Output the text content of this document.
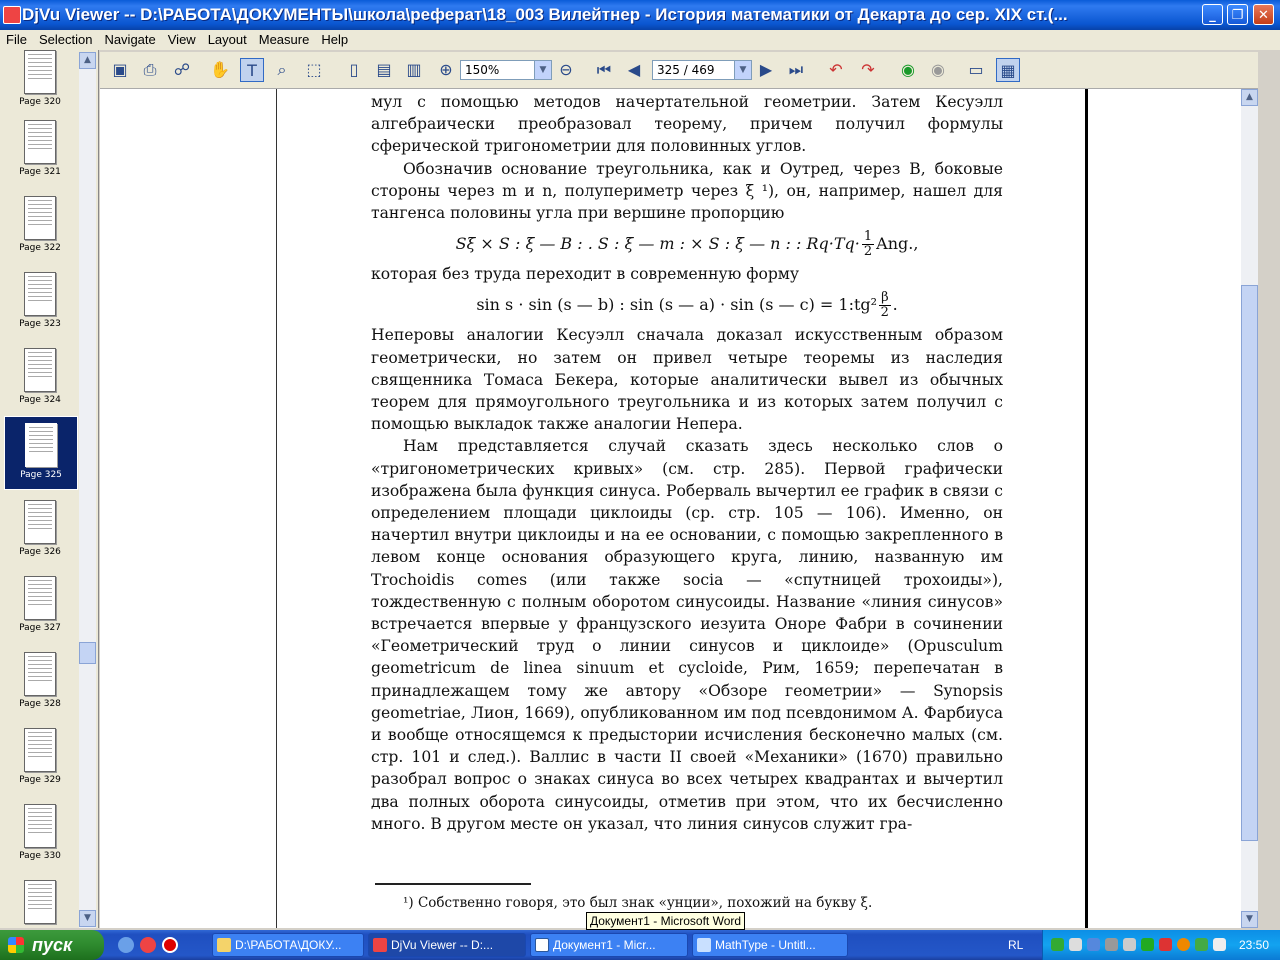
DjVu Viewer -- D:\РАБОТА\ДОКУМЕНТЫ\школа\реферат\18_003 Вилейтнер - История математики от Декарта до сер. XIX ст.(...	_	❐	✕
File Selection Navigate View Layout Measure Help
Page 320
Page 321
Page 322
Page 323
Page 324
Page 325
Page 326
Page 327
Page 328
Page 329
Page 330
▲
▼
▣	⎙	☍ ✋	T	⌕	⬚	▯	▤ ▥	⊕	150%	▼ ⊖	⏮	◀	325 / 469	▼ ▶	⏭	↶	↷	◉	◉	▭ ▦

мул с помощью методов начертательной геометрии. Затем Кесуэлл алгебраически преобразовал теорему, причем получил формулы сферической тригонометрии для половинных углов.

Обозначив основание треугольника, как и Оутред, через B, боковые стороны через m и n, полупериметр через ξ ¹), он, например, нашел для тангенса половины угла при вершине пропорцию

Sξ ⨯ S : ξ — B : . S : ξ — m : ⨯ S : ξ — n : : $Rq\cdot Tq\cdot \frac{1}{2}$ Ang.,

которая без труда переходит в современную форму

sin s · sin (s — b) : sin (s — a) · sin (s — c) = 1:tg² $\frac{\beta}{2}$ .

Неперовы аналогии Кесуэлл сначала доказал искусственным образом геометрически, но затем он привел четыре теоремы из наследия священника Томаса Бекера, которые аналитически вывел из обычных теорем для прямоугольного треугольника и из которых затем получил с помощью выкладок также аналогии Непера.

Нам представляется случай сказать здесь несколько слов о «тригонометрических кривых» (см. стр. 285). Первой графически изображена была функция синуса. Роберваль вычертил ее график в связи с определением площади циклоиды (ср. стр. 105 — 106). Именно, он начертил внутри циклоиды и на ее основании, с помощью закрепленного в левом конце основания образующего круга, линию, названную им Trochoidis comes (или также socia — «спутницей трохоиды»), тождественную с полным оборотом синусоиды. Название «линия синусов» встречается впервые у французского иезуита Оноре Фабри в сочинении «Геометрический труд о линии синусов и циклоиде» (Opusculum geometricum de linea sinuum et cycloide, Рим, 1659; перепечатан в принадлежащем тому же автору «Обзоре геометрии» — Synopsis geometriae, Лион, 1669), опубликованном им под псевдонимом А. Фарбиуса и вообще относящемся к предыстории исчисления бесконечно малых (см. стр. 101 и след.). Валлис в части II своей «Механики» (1670) правильно разобрал вопрос о знаках синуса во всех четырех квадрантах и вычертил два полных оборота синусоиды, отметив при этом, что их бесчисленно много. В другом месте он указал, что линия синусов служит гра-

¹) Собственно говоря, это был знак «унции», похожий на букву ξ.
▲
▼
Документ1 - Microsoft Word
пуск	D:\РАБОТА\ДОКУ...	DjVu Viewer -- D:...	Документ1 - Micr...	MathType - Untitl...	RL	23:50
